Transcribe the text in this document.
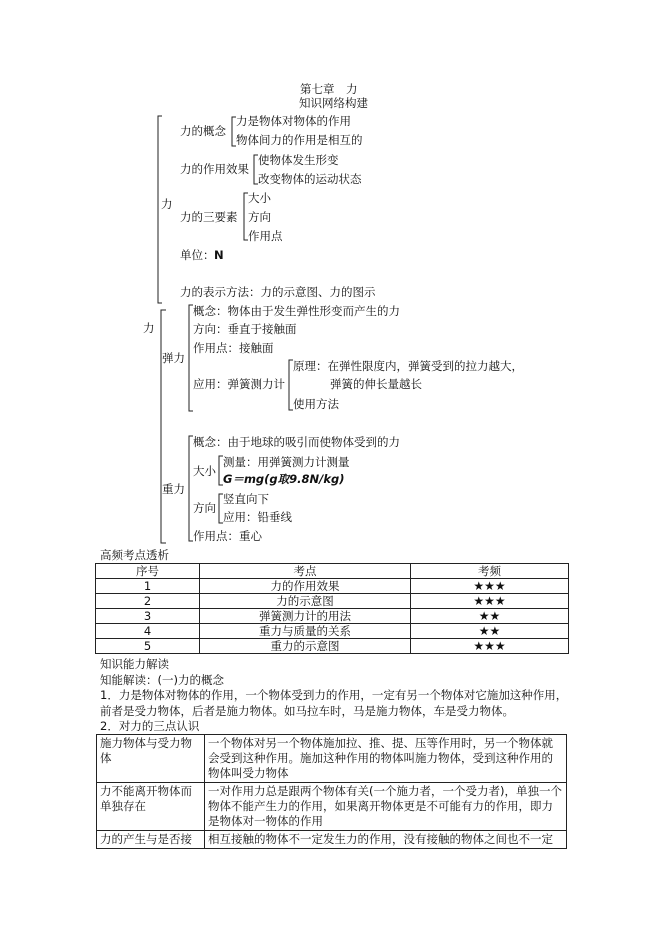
第七章　力
知识网络构建
力
力
力的概念
力是物体对物体的作用
物体间力的作用是相互的
力的作用效果
使物体发生形变
改变物体的运动状态
力的三要素
大小
方向
作用点
单位： N
力的表示方法：力的示意图、力的图示
弹力
概念：物体由于发生弹性形变而产生的力
方向：垂直于接触面
作用点：接触面
应用：弹簧测力计
原理：在弹性限度内，弹簧受到的拉力越大，
弹簧的伸长量越长
使用方法
重力
概念：由于地球的吸引而使物体受到的力
大小
测量：用弹簧测力计测量
G＝mg(g取9.8N/kg)
方向
竖直向下
应用：铅垂线
作用点：重心
高频考点透析
序号	考点	考频
1	力的作用效果	★★★
2	力的示意图	★★★
3	弹簧测力计的用法	★★
4	重力与质量的关系	★★
5	重力的示意图	★★★
知识能力解读
知能解读：(一)力的概念
1．力是物体对物体的作用，一个物体受到力的作用，一定有另一个物体对它施加这种作用，
前者是受力物体，后者是施力物体。如马拉车时，马是施力物体，车是受力物体。
2．对力的三点认识
施力物体与受力物体	一个物体对另一个物体施加拉、推、提、压等作用时，另一个物体就会受到这种作用。施加这种作用的物体叫施力物体，受到这种作用的物体叫受力物体
力不能离开物体而单独存在	一对作用力总是跟两个物体有关(一个施力者，一个受力者)，单独一个物体不能产生力的作用，如果离开物体更是不可能有力的作用，即力是物体对一物体的作用
力的产生与是否接	相互接触的物体不一定发生力的作用，没有接触的物体之间也不一定
